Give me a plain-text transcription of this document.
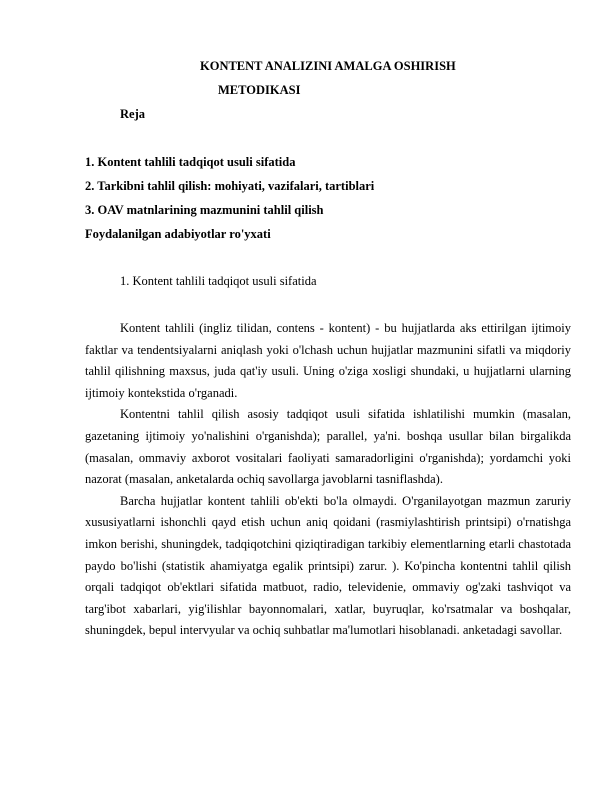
KONTENT ANALIZINI AMALGA OSHIRISH
METODIKASI
Reja
1. Kontent tahlili tadqiqot usuli sifatida
2. Tarkibni tahlil qilish: mohiyati, vazifalari, tartiblari
3. OAV matnlarining mazmunini tahlil qilish
Foydalanilgan adabiyotlar ro'yxati
1. Kontent tahlili tadqiqot usuli sifatida

Kontent tahlili (ingliz tilidan, contens - kontent) - bu hujjatlarda aks ettirilgan ijtimoiy faktlar va tendentsiyalarni aniqlash yoki o'lchash uchun hujjatlar mazmunini sifatli va miqdoriy tahlil qilishning maxsus, juda qat'iy usuli. Uning o'ziga xosligi shundaki, u hujjatlarni ularning ijtimoiy kontekstida o'rganadi.

Kontentni tahlil qilish asosiy tadqiqot usuli sifatida ishlatilishi mumkin (masalan, gazetaning ijtimoiy yo'nalishini o'rganishda); parallel, ya'ni. boshqa usullar bilan birgalikda (masalan, ommaviy axborot vositalari faoliyati samaradorligini o'rganishda); yordamchi yoki nazorat (masalan, anketalarda ochiq savollarga javoblarni tasniflashda).

Barcha hujjatlar kontent tahlili ob'ekti bo'la olmaydi. O'rganilayotgan mazmun zaruriy xususiyatlarni ishonchli qayd etish uchun aniq qoidani (rasmiylashtirish printsipi) o'rnatishga imkon berishi, shuningdek, tadqiqotchini qiziqtiradigan tarkibiy elementlarning etarli chastotada paydo bo'lishi (statistik ahamiyatga egalik printsipi) zarur. ). Ko'pincha kontentni tahlil qilish orqali tadqiqot ob'ektlari sifatida matbuot, radio, televidenie, ommaviy og'zaki tashviqot va targ'ibot xabarlari, yig'ilishlar bayonnomalari, xatlar, buyruqlar, ko'rsatmalar va boshqalar, shuningdek, bepul intervyular va ochiq suhbatlar ma'lumotlari hisoblanadi. anketadagi savollar.
